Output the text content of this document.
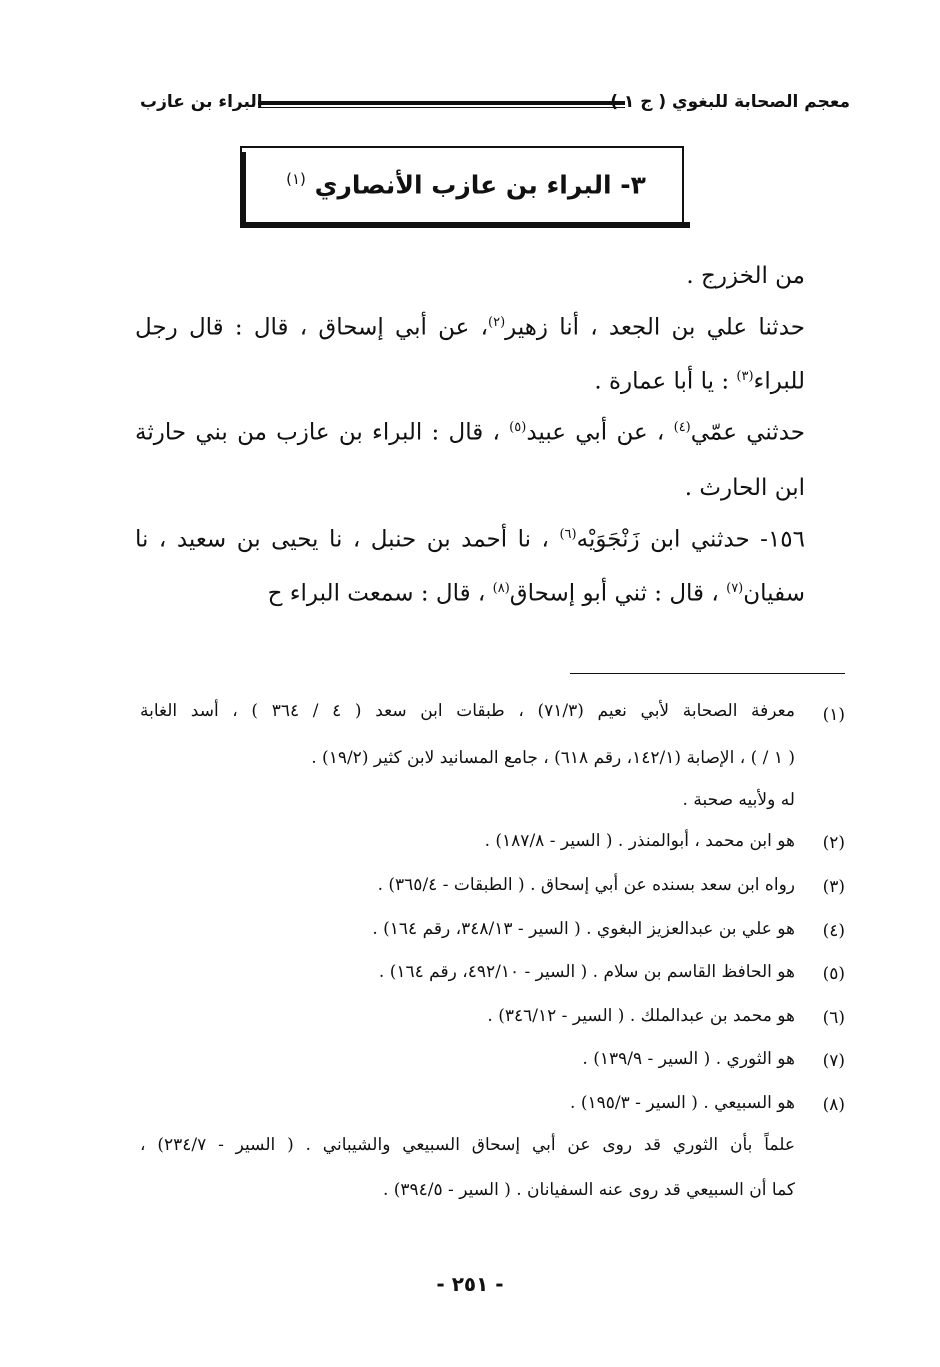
معجم الصحابة للبغوي ( ج ١ )
البراء بن عازب
٣- البراء بن عازب الأنصاري $^{(١)}$
من الخزرج .
حدثنا علي بن الجعد ، أنا زهير$^{(٢)}$، عن أبي إسحاق ، قال : قال رجل
للبراء$^{(٣)}$ : يا أبا عمارة .
حدثني عمّي$^{(٤)}$ ، عن أبي عبيد$^{(٥)}$ ، قال : البراء بن عازب من بني حارثة
ابن الحارث .
١٥٦- حدثني ابن زَنْجَوَيْه$^{(٦)}$ ، نا أحمد بن حنبل ، نا يحيى بن سعيد ، نا
سفيان$^{(٧)}$ ، قال : ثني أبو إسحاق$^{(٨)}$ ، قال : سمعت البراء ح
(١)
معرفة الصحابة لأبي نعيم (٧١/٣) ، طبقات ابن سعد ( ٤ / ٣٦٤ ) ، أسد الغابة
( ١ / ) ، الإصابة (١٤٢/١، رقم ٦١٨) ، جامع المسانيد لابن كثير (١٩/٢) .
له ولأبيه صحبة .
(٢)
هو ابن محمد ، أبوالمنذر . ( السير - ١٨٧/٨) .
(٣)
رواه ابن سعد بسنده عن أبي إسحاق . ( الطبقات - ٣٦٥/٤) .
(٤)
هو علي بن عبدالعزيز البغوي . ( السير - ٣٤٨/١٣، رقم ١٦٤) .
(٥)
هو الحافظ القاسم بن سلام . ( السير - ٤٩٢/١٠، رقم ١٦٤) .
(٦)
هو محمد بن عبدالملك . ( السير - ٣٤٦/١٢) .
(٧)
هو الثوري . ( السير - ١٣٩/٩) .
(٨)
هو السبيعي . ( السير - ١٩٥/٣) .
علماً بأن الثوري قد روى عن أبي إسحاق السبيعي والشيباني . ( السير - ٢٣٤/٧) ،
كما أن السبيعي قد روى عنه السفيانان . ( السير - ٣٩٤/٥) .
- ٢٥١ -
